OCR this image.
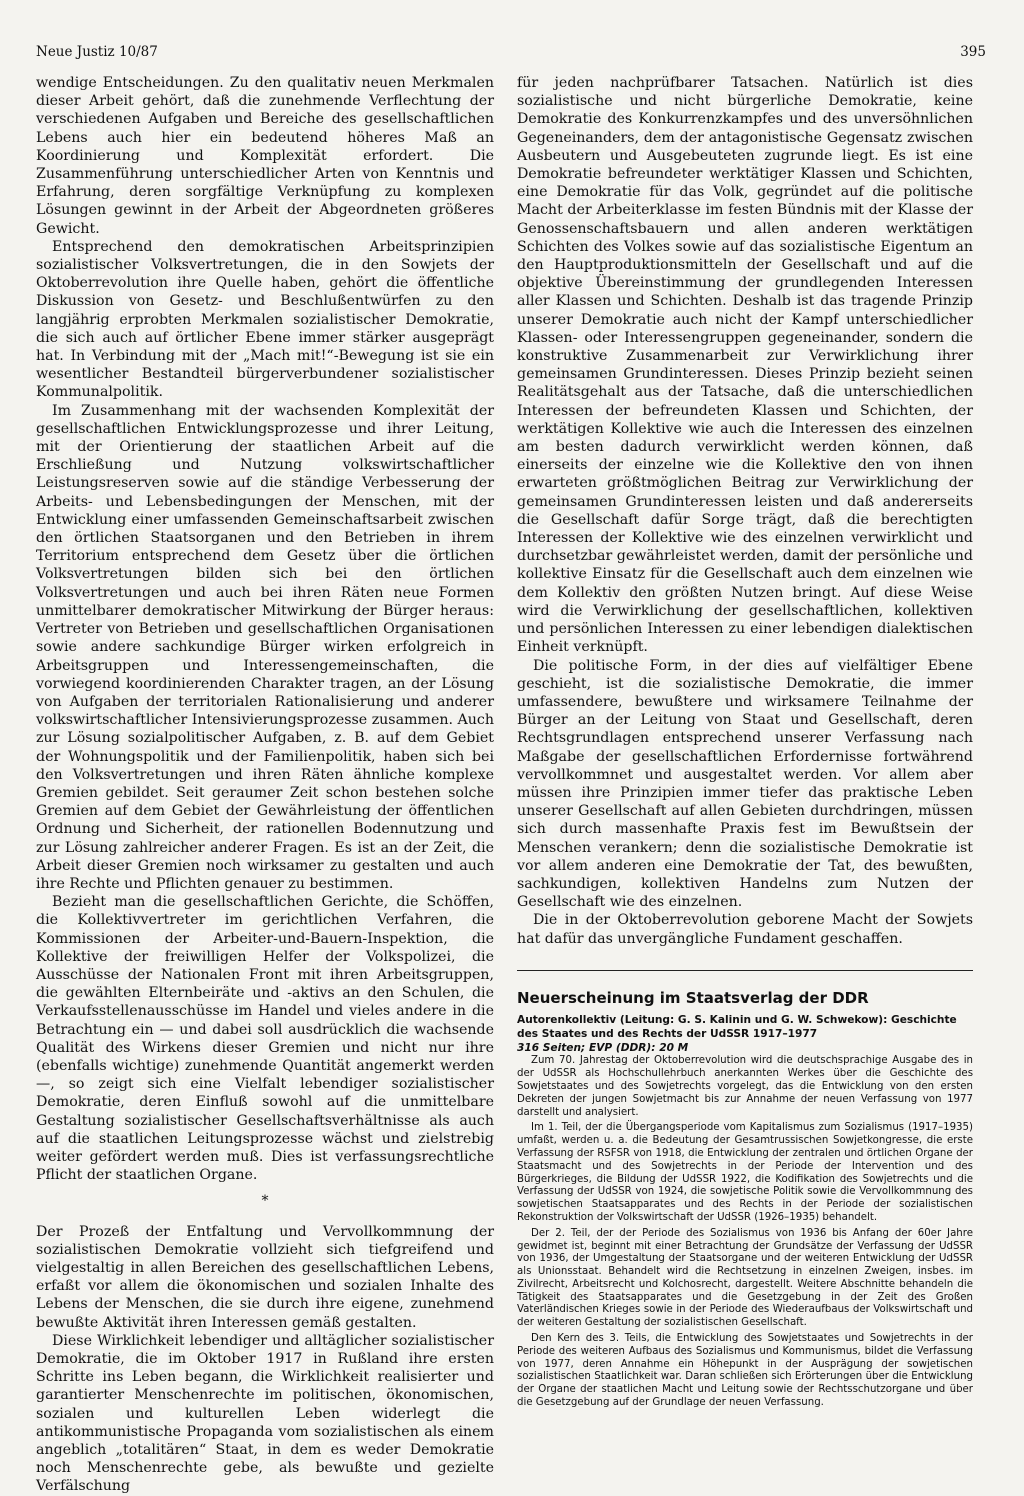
Neue Justiz 10/87	395

wendige Entscheidungen. Zu den qualitativ neuen Merkmalen dieser Arbeit gehört, daß die zunehmende Verflechtung der verschiedenen Aufgaben und Bereiche des gesellschaftlichen Lebens auch hier ein bedeutend höheres Maß an Koordinierung und Komplexität erfordert. Die Zusammenführung unterschiedlicher Arten von Kenntnis und Erfahrung, deren sorgfältige Verknüpfung zu komplexen Lösungen gewinnt in der Arbeit der Abgeordneten größeres Gewicht.

Entsprechend den demokratischen Arbeitsprinzipien sozialistischer Volksvertretungen, die in den Sowjets der Oktoberrevolution ihre Quelle haben, gehört die öffentliche Diskussion von Gesetz- und Beschlußentwürfen zu den langjährig erprobten Merkmalen sozialistischer Demokratie, die sich auch auf örtlicher Ebene immer stärker ausgeprägt hat. In Verbindung mit der „Mach mit!“-Bewegung ist sie ein wesentlicher Bestandteil bürgerverbundener sozialistischer Kommunalpolitik.

Im Zusammenhang mit der wachsenden Komplexität der gesellschaftlichen Entwicklungsprozesse und ihrer Leitung, mit der Orientierung der staatlichen Arbeit auf die Erschließung und Nutzung volkswirtschaftlicher Leistungsreserven sowie auf die ständige Verbesserung der Arbeits- und Lebensbedingungen der Menschen, mit der Entwicklung einer umfassenden Gemeinschaftsarbeit zwischen den örtlichen Staatsorganen und den Betrieben in ihrem Territorium entsprechend dem Gesetz über die örtlichen Volksvertretungen bilden sich bei den örtlichen Volksvertretungen und auch bei ihren Räten neue Formen unmittelbarer demokratischer Mitwirkung der Bürger heraus: Vertreter von Betrieben und gesellschaftlichen Organisationen sowie andere sachkundige Bürger wirken erfolgreich in Arbeitsgruppen und Interessengemeinschaften, die vorwiegend koordinierenden Charakter tragen, an der Lösung von Aufgaben der territorialen Rationalisierung und anderer volkswirtschaftlicher Intensivierungsprozesse zusammen. Auch zur Lösung sozialpolitischer Aufgaben, z. B. auf dem Gebiet der Wohnungspolitik und der Familienpolitik, haben sich bei den Volksvertretungen und ihren Räten ähnliche komplexe Gremien gebildet. Seit geraumer Zeit schon bestehen solche Gremien auf dem Gebiet der Gewährleistung der öffentlichen Ordnung und Sicherheit, der rationellen Bodennutzung und zur Lösung zahlreicher anderer Fragen. Es ist an der Zeit, die Arbeit dieser Gremien noch wirksamer zu gestalten und auch ihre Rechte und Pflichten genauer zu bestimmen.

Bezieht man die gesellschaftlichen Gerichte, die Schöffen, die Kollektivvertreter im gerichtlichen Verfahren, die Kommissionen der Arbeiter-und-Bauern-Inspektion, die Kollektive der freiwilligen Helfer der Volkspolizei, die Ausschüsse der Nationalen Front mit ihren Arbeitsgruppen, die gewählten Elternbeiräte und -aktivs an den Schulen, die Verkaufsstellenausschüsse im Handel und vieles andere in die Betrachtung ein — und dabei soll ausdrücklich die wachsende Qualität des Wirkens dieser Gremien und nicht nur ihre (ebenfalls wichtige) zunehmende Quantität angemerkt werden —, so zeigt sich eine Vielfalt lebendiger sozialistischer Demokratie, deren Einfluß sowohl auf die unmittelbare Gestaltung sozialistischer Gesellschaftsverhältnisse als auch auf die staatlichen Leitungsprozesse wächst und zielstrebig weiter gefördert werden muß. Dies ist verfassungsrechtliche Pflicht der staatlichen Organe.

*

Der Prozeß der Entfaltung und Vervollkommnung der sozialistischen Demokratie vollzieht sich tiefgreifend und vielgestaltig in allen Bereichen des gesellschaftlichen Lebens, erfaßt vor allem die ökonomischen und sozialen Inhalte des Lebens der Menschen, die sie durch ihre eigene, zunehmend bewußte Aktivität ihren Interessen gemäß gestalten.

Diese Wirklichkeit lebendiger und alltäglicher sozialistischer Demokratie, die im Oktober 1917 in Rußland ihre ersten Schritte ins Leben begann, die Wirklichkeit realisierter und garantierter Menschenrechte im politischen, ökonomischen, sozialen und kulturellen Leben widerlegt die antikommunistische Propaganda vom sozialistischen als einem angeblich „totalitären“ Staat, in dem es weder Demokratie noch Menschenrechte gebe, als bewußte und gezielte Verfälschung

für jeden nachprüfbarer Tatsachen. Natürlich ist dies sozialistische und nicht bürgerliche Demokratie, keine Demokratie des Konkurrenzkampfes und des unversöhnlichen Gegeneinanders, dem der antagonistische Gegensatz zwischen Ausbeutern und Ausgebeuteten zugrunde liegt. Es ist eine Demokratie befreundeter werktätiger Klassen und Schichten, eine Demokratie für das Volk, gegründet auf die politische Macht der Arbeiterklasse im festen Bündnis mit der Klasse der Genossenschaftsbauern und allen anderen werktätigen Schichten des Volkes sowie auf das sozialistische Eigentum an den Hauptproduktionsmitteln der Gesellschaft und auf die objektive Übereinstimmung der grundlegenden Interessen aller Klassen und Schichten. Deshalb ist das tragende Prinzip unserer Demokratie auch nicht der Kampf unterschiedlicher Klassen- oder Interessengruppen gegeneinander, sondern die konstruktive Zusammenarbeit zur Verwirklichung ihrer gemeinsamen Grundinteressen. Dieses Prinzip bezieht seinen Realitätsgehalt aus der Tatsache, daß die unterschiedlichen Interessen der befreundeten Klassen und Schichten, der werktätigen Kollektive wie auch die Interessen des einzelnen am besten dadurch verwirklicht werden können, daß einerseits der einzelne wie die Kollektive den von ihnen erwarteten größtmöglichen Beitrag zur Verwirklichung der gemeinsamen Grundinteressen leisten und daß andererseits die Gesellschaft dafür Sorge trägt, daß die berechtigten Interessen der Kollektive wie des einzelnen verwirklicht und durchsetzbar gewährleistet werden, damit der persönliche und kollektive Einsatz für die Gesellschaft auch dem einzelnen wie dem Kollektiv den größten Nutzen bringt. Auf diese Weise wird die Verwirklichung der gesellschaftlichen, kollektiven und persönlichen Interessen zu einer lebendigen dialektischen Einheit verknüpft.

Die politische Form, in der dies auf vielfältiger Ebene geschieht, ist die sozialistische Demokratie, die immer umfassendere, bewußtere und wirksamere Teilnahme der Bürger an der Leitung von Staat und Gesellschaft, deren Rechtsgrundlagen entsprechend unserer Verfassung nach Maßgabe der gesellschaftlichen Erfordernisse fortwährend vervollkommnet und ausgestaltet werden. Vor allem aber müssen ihre Prinzipien immer tiefer das praktische Leben unserer Gesellschaft auf allen Gebieten durchdringen, müssen sich durch massenhafte Praxis fest im Bewußtsein der Menschen verankern; denn die sozialistische Demokratie ist vor allem anderen eine Demokratie der Tat, des bewußten, sachkundigen, kollektiven Handelns zum Nutzen der Gesellschaft wie des einzelnen.

Die in der Oktoberrevolution geborene Macht der Sowjets hat dafür das unvergängliche Fundament geschaffen.

Neuerscheinung im Staatsverlag der DDR

Autorenkollektiv (Leitung: G. S. Kalinin und G. W. Schwekow): Geschichte des Staates und des Rechts der UdSSR 1917–1977

316 Seiten; EVP (DDR): 20 M

Zum 70. Jahrestag der Oktoberrevolution wird die deutschsprachige Ausgabe des in der UdSSR als Hochschullehrbuch anerkannten Werkes über die Geschichte des Sowjetstaates und des Sowjetrechts vorgelegt, das die Entwicklung von den ersten Dekreten der jungen Sowjetmacht bis zur Annahme der neuen Verfassung von 1977 darstellt und analysiert.

Im 1. Teil, der die Übergangsperiode vom Kapitalismus zum Sozialismus (1917–1935) umfaßt, werden u. a. die Bedeutung der Gesamtrussischen Sowjetkongresse, die erste Verfassung der RSFSR von 1918, die Entwicklung der zentralen und örtlichen Organe der Staatsmacht und des Sowjetrechts in der Periode der Intervention und des Bürgerkrieges, die Bildung der UdSSR 1922, die Kodifikation des Sowjetrechts und die Verfassung der UdSSR von 1924, die sowjetische Politik sowie die Vervollkommnung des sowjetischen Staatsapparates und des Rechts in der Periode der sozialistischen Rekonstruktion der Volkswirtschaft der UdSSR (1926–1935) behandelt.

Der 2. Teil, der der Periode des Sozialismus von 1936 bis Anfang der 60er Jahre gewidmet ist, beginnt mit einer Betrachtung der Grundsätze der Verfassung der UdSSR von 1936, der Umgestaltung der Staatsorgane und der weiteren Entwicklung der UdSSR als Unionsstaat. Behandelt wird die Rechtsetzung in einzelnen Zweigen, insbes. im Zivilrecht, Arbeitsrecht und Kolchosrecht, dargestellt. Weitere Abschnitte behandeln die Tätigkeit des Staatsapparates und die Gesetzgebung in der Zeit des Großen Vaterländischen Krieges sowie in der Periode des Wiederaufbaus der Volkswirtschaft und der weiteren Gestaltung der sozialistischen Gesellschaft.

Den Kern des 3. Teils, die Entwicklung des Sowjetstaates und Sowjetrechts in der Periode des weiteren Aufbaus des Sozialismus und Kommunismus, bildet die Verfassung von 1977, deren Annahme ein Höhepunkt in der Ausprägung der sowjetischen sozialistischen Staatlichkeit war. Daran schließen sich Erörterungen über die Entwicklung der Organe der staatlichen Macht und Leitung sowie der Rechtsschutzorgane und über die Gesetzgebung auf der Grundlage der neuen Verfassung.
